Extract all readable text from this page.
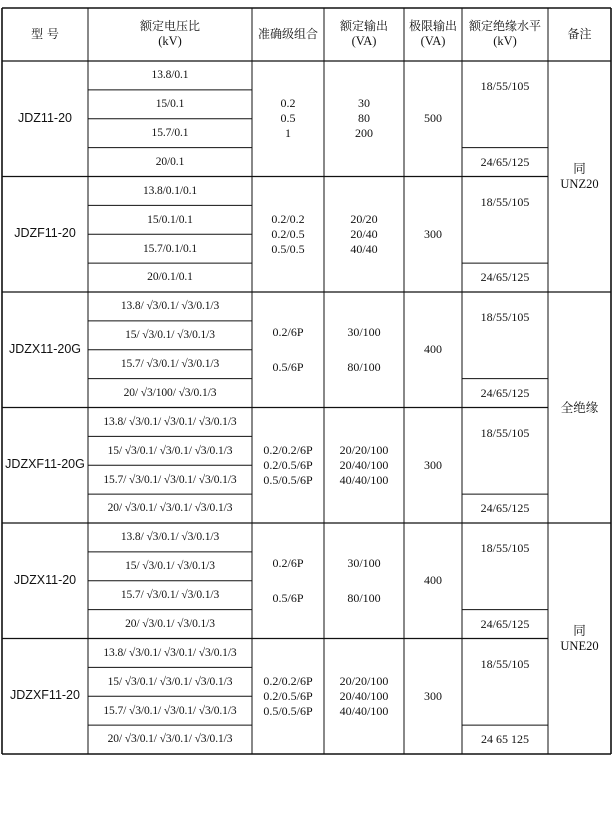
型 号
额定电压比
(kV)
准确级组合
额定输出
(VA)
极限输出
(VA)
额定绝缘水平
(kV)
备注
JDZ11-20
13.8/0.1
15/0.1
15.7/0.1
20/0.1
0.2
0.5
1
30
80
200
500
18/55/105
24/65/125
JDZF11-20
13.8/0.1/0.1
15/0.1/0.1
15.7/0.1/0.1
20/0.1/0.1
0.2/0.2
0.2/0.5
0.5/0.5
20/20
20/40
40/40
300
18/55/105
24/65/125
JDZX11-20G
13.8/ √3/0.1/ √3/0.1/3
15/ √3/0.1/ √3/0.1/3
15.7/ √3/0.1/ √3/0.1/3
20/ √3/100/ √3/0.1/3
0.2/6P
0.5/6P
30/100
80/100
400
18/55/105
24/65/125
JDZXF11-20G
13.8/ √3/0.1/ √3/0.1/ √3/0.1/3
15/ √3/0.1/ √3/0.1/ √3/0.1/3
15.7/ √3/0.1/ √3/0.1/ √3/0.1/3
20/ √3/0.1/ √3/0.1/ √3/0.1/3
0.2/0.2/6P
0.2/0.5/6P
0.5/0.5/6P
20/20/100
20/40/100
40/40/100
300
18/55/105
24/65/125
JDZX11-20
13.8/ √3/0.1/ √3/0.1/3
15/ √3/0.1/ √3/0.1/3
15.7/ √3/0.1/ √3/0.1/3
20/ √3/0.1/ √3/0.1/3
0.2/6P
0.5/6P
30/100
80/100
400
18/55/105
24/65/125
JDZXF11-20
13.8/ √3/0.1/ √3/0.1/ √3/0.1/3
15/ √3/0.1/ √3/0.1/ √3/0.1/3
15.7/ √3/0.1/ √3/0.1/ √3/0.1/3
20/ √3/0.1/ √3/0.1/ √3/0.1/3
0.2/0.2/6P
0.2/0.5/6P
0.5/0.5/6P
20/20/100
20/40/100
40/40/100
300
18/55/105
24 65 125
同
UNZ20
全绝缘
同
UNE20
